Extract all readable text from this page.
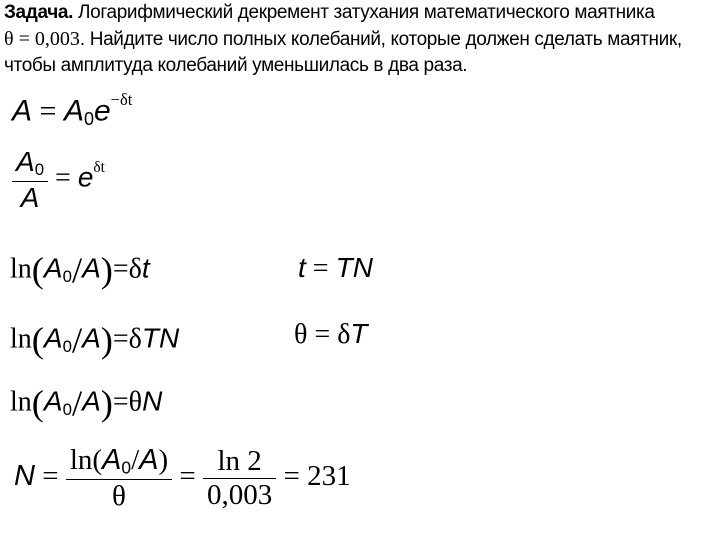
Задача. Логарифмический декремент затухания математического маятника
θ = 0,003. Найдите число полных колебаний, которые должен сделать маятник,
чтобы амплитуда колебаний уменьшилась в два раза.
$A = A_0e^{-\delta t}$
$\frac{A_0}{A} = e^{\delta t}$
$\ln(A_0/A)=\delta t$	t = TN
$\ln(A_0/A)=\delta TN$	θ = δT
$\ln(A_0/A)=\theta N$
$N = \frac{\ln(A_0/A)}{\theta} = \frac{\ln 2}{0,003} = 231$
